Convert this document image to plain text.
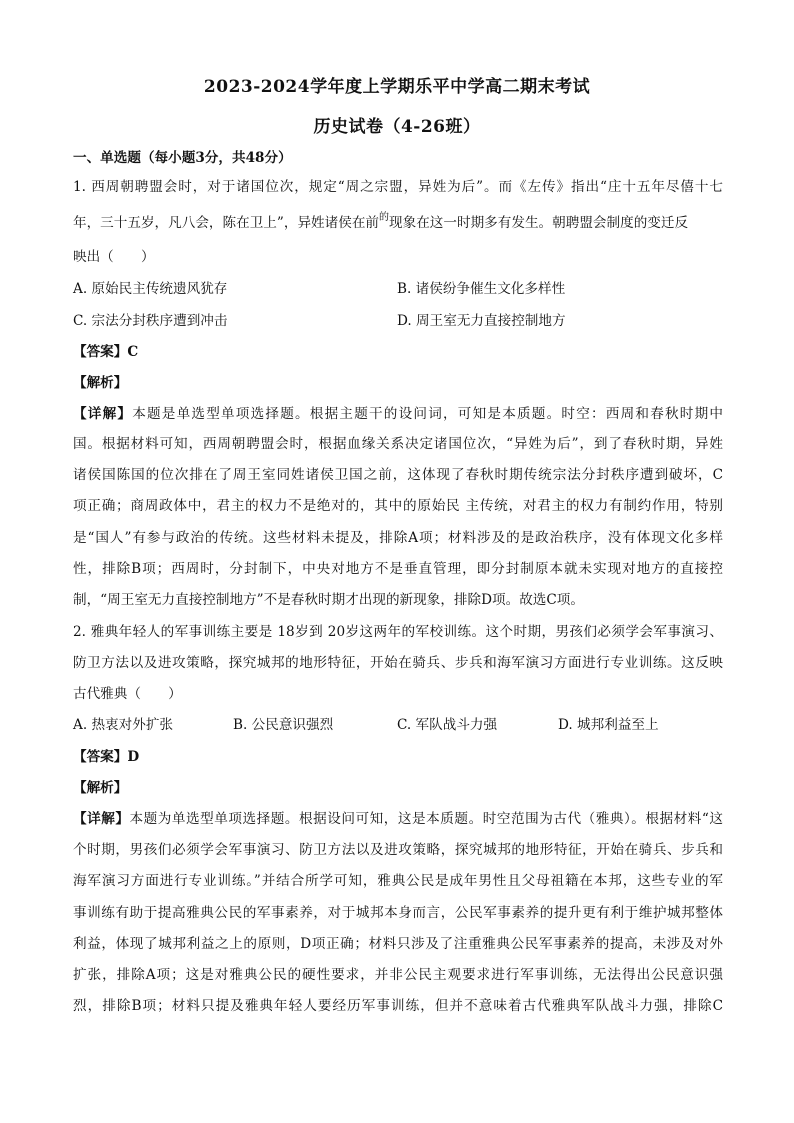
2023-2024学年度上学期乐平中学高二期末考试
历史试卷（4-26班）
一、单选题（每小题3分，共48分）
1. 西周朝聘盟会时，对于诸国位次，规定“周之宗盟，异姓为后”。而《左传》指出“庄十五年尽僖十七
年，三十五岁，凡八会，陈在卫上”，异姓诸侯在前$^的$现象在这一时期多有发生。朝聘盟会制度的变迁反
映出（　　）
A. 原始民主传统遗风犹存	B. 诸侯纷争催生文化多样性
C. 宗法分封秩序遭到冲击	D. 周王室无力直接控制地方
【答案】C
【解析】
【详解】本题是单选型单项选择题。根据主题干的设问词，可知是本质题。时空：西周和春秋时期中
国。根据材料可知，西周朝聘盟会时，根据血缘关系决定诸国位次，“异姓为后”，到了春秋时期，异姓
诸侯国陈国的位次排在了周王室同姓诸侯卫国之前，这体现了春秋时期传统宗法分封秩序遭到破坏，C
项正确；商周政体中，君主的权力不是绝对的，其中的原始民 主传统，对君主的权力有制约作用，特别
是“国人”有参与政治的传统。这些材料未提及，排除A项；材料涉及的是政治秩序，没有体现文化多样
性，排除B项；西周时，分封制下，中央对地方不是垂直管理，即分封制原本就未实现对地方的直接控
制，“周王室无力直接控制地方”不是春秋时期才出现的新现象，排除D项。故选C项。
2. 雅典年轻人的军事训练主要是 18岁到 20岁这两年的军校训练。这个时期，男孩们必须学会军事演习、
防卫方法以及进攻策略，探究城邦的地形特征，开始在骑兵、步兵和海军演习方面进行专业训练。这反映
古代雅典（　　）
A. 热衷对外扩张	B. 公民意识强烈	C. 军队战斗力强	D. 城邦利益至上
【答案】D
【解析】
【详解】本题为单选型单项选择题。根据设问可知，这是本质题。时空范围为古代（雅典）。根据材料“这
个时期，男孩们必须学会军事演习、防卫方法以及进攻策略，探究城邦的地形特征，开始在骑兵、步兵和
海军演习方面进行专业训练。”并结合所学可知，雅典公民是成年男性且父母祖籍在本邦，这些专业的军
事训练有助于提高雅典公民的军事素养，对于城邦本身而言，公民军事素养的提升更有利于维护城邦整体
利益，体现了城邦利益之上的原则，D项正确；材料只涉及了注重雅典公民军事素养的提高，未涉及对外
扩张，排除A项；这是对雅典公民的硬性要求，并非公民主观要求进行军事训练，无法得出公民意识强
烈，排除B项；材料只提及雅典年轻人要经历军事训练，但并不意味着古代雅典军队战斗力强，排除C
